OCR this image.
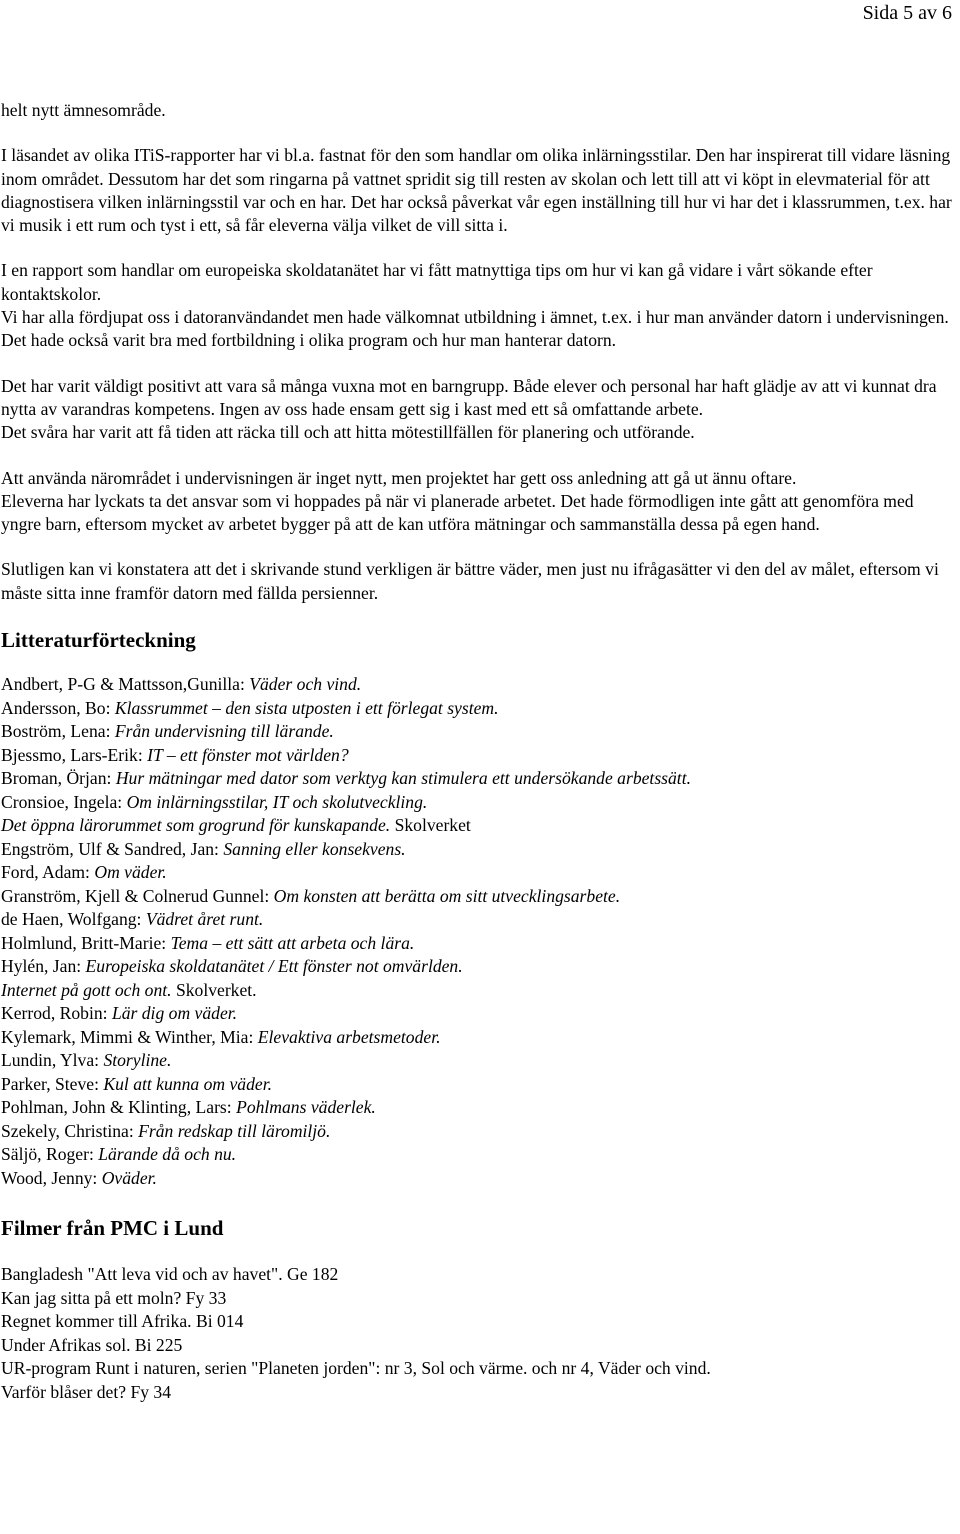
Sida 5 av 6

helt nytt ämnesområde.

I läsandet av olika ITiS-rapporter har vi bl.a. fastnat för den som handlar om olika inlärningsstilar. Den har inspirerat till vidare läsning inom området. Dessutom har det som ringarna på vattnet spridit sig till resten av skolan och lett till att vi köpt in elevmaterial för att diagnostisera vilken inlärningsstil var och en har. Det har också påverkat vår egen inställning till hur vi har det i klassrummen, t.ex. har vi musik i ett rum och tyst i ett, så får eleverna välja vilket de vill sitta i.

I en rapport som handlar om europeiska skoldatanätet har vi fått matnyttiga tips om hur vi kan gå vidare i vårt sökande efter kontaktskolor.

Vi har alla fördjupat oss i datoranvändandet men hade välkomnat utbildning i ämnet, t.ex. i hur man använder datorn i undervisningen. Det hade också varit bra med fortbildning i olika program och hur man hanterar datorn.

Det har varit väldigt positivt att vara så många vuxna mot en barngrupp. Både elever och personal har haft glädje av att vi kunnat dra nytta av varandras kompetens. Ingen av oss hade ensam gett sig i kast med ett så omfattande arbete.

Det svåra har varit att få tiden att räcka till och att hitta mötestillfällen för planering och utförande.

Att använda närområdet i undervisningen är inget nytt, men projektet har gett oss anledning att gå ut ännu oftare.

Eleverna har lyckats ta det ansvar som vi hoppades på när vi planerade arbetet. Det hade förmodligen inte gått att genomföra med yngre barn, eftersom mycket av arbetet bygger på att de kan utföra mätningar och sammanställa dessa på egen hand.

Slutligen kan vi konstatera att det i skrivande stund verkligen är bättre väder, men just nu ifrågasätter vi den del av målet, eftersom vi måste sitta inne framför datorn med fällda persienner.

Litteraturförteckning
Andbert, P-G & Mattsson,Gunilla: Väder och vind.
Andersson, Bo: Klassrummet – den sista utposten i ett förlegat system.
Boström, Lena: Från undervisning till lärande.
Bjessmo, Lars-Erik: IT – ett fönster mot världen?
Broman, Örjan: Hur mätningar med dator som verktyg kan stimulera ett undersökande arbetssätt.
Cronsioe, Ingela: Om inlärningsstilar, IT och skolutveckling.
Det öppna lärorummet som grogrund för kunskapande. Skolverket
Engström, Ulf & Sandred, Jan: Sanning eller konsekvens.
Ford, Adam: Om väder.
Granström, Kjell & Colnerud Gunnel: Om konsten att berätta om sitt utvecklingsarbete.
de Haen, Wolfgang: Vädret året runt.
Holmlund, Britt-Marie: Tema – ett sätt att arbeta och lära.
Hylén, Jan: Europeiska skoldatanätet / Ett fönster not omvärlden.
Internet på gott och ont. Skolverket.
Kerrod, Robin: Lär dig om väder.
Kylemark, Mimmi & Winther, Mia: Elevaktiva arbetsmetoder.
Lundin, Ylva: Storyline.
Parker, Steve: Kul att kunna om väder.
Pohlman, John & Klinting, Lars: Pohlmans väderlek.
Szekely, Christina: Från redskap till läromiljö.
Säljö, Roger: Lärande då och nu.
Wood, Jenny: Oväder.
Filmer från PMC i Lund
Bangladesh "Att leva vid och av havet". Ge 182
Kan jag sitta på ett moln? Fy 33
Regnet kommer till Afrika. Bi 014
Under Afrikas sol. Bi 225
UR-program Runt i naturen, serien "Planeten jorden": nr 3, Sol och värme. och nr 4, Väder och vind.
Varför blåser det? Fy 34
